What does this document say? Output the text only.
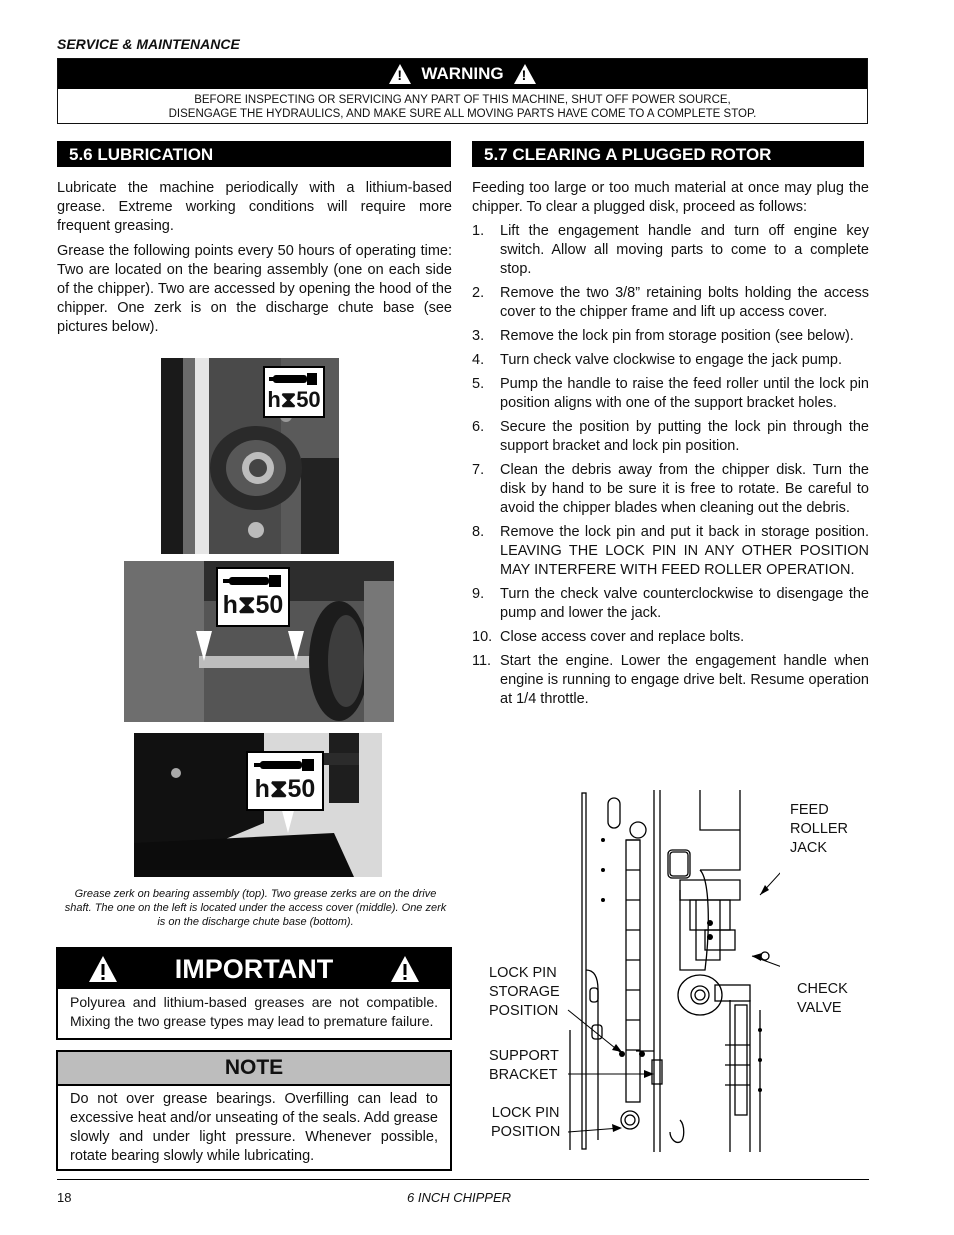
SERVICE & MAINTENANCE
!
WARNING
!
BEFORE INSPECTING OR SERVICING ANY PART OF THIS MACHINE, SHUT OFF POWER SOURCE,
DISENGAGE THE HYDRAULICS, AND MAKE SURE ALL MOVING PARTS HAVE COME TO A COMPLETE STOP.
5.6 LUBRICATION
Lubricate the machine periodically with a lithium-based grease. Extreme working conditions will require more frequent greasing.
Grease the following points every 50 hours of operating time: Two are located on the bearing assembly (one on each side of the chipper). Two are accessed by opening the hood of the chipper. One zerk is on the discharge chute base (see pictures below).
h⧗50
h⧗50
h⧗50
Grease zerk on bearing assembly (top). Two grease zerks are on the drive shaft. The one on the left is located under the access cover (middle). One zerk is on the discharge chute base (bottom).
IMPORTANT
Polyurea and lithium-based greases are not compatible. Mixing the two grease types may lead to premature failure.
NOTE
Do not over grease bearings. Overfilling can lead to excessive heat and/or unseating of the seals. Add grease slowly and under light pressure. Whenever possible, rotate bearing slowly while lubricating.
5.7 CLEARING A PLUGGED ROTOR
Feeding too large or too much material at once may plug the chipper. To clear a plugged disk, proceed as follows:
1.	Lift the engagement handle and turn off engine key switch. Allow all moving parts to come to a complete stop.
2.	Remove the two 3/8” retaining bolts holding the access cover to the chipper frame and lift up access cover.
3.	Remove the lock pin from storage position (see below).
4.	Turn check valve clockwise to engage the jack pump.
5.	Pump the handle to raise the feed roller until the lock pin position aligns with one of the support bracket holes.
6.	Secure the position by putting the lock pin through the support bracket and lock pin position.
7.	Clean the debris away from the chipper disk. Turn the disk by hand to be sure it is free to rotate. Be careful to avoid the chipper blades when cleaning out the debris.
8.	Remove the lock pin and put it back in storage position. LEAVING THE LOCK PIN IN ANY OTHER POSITION MAY INTERFERE WITH FEED ROLLER OPERATION.
9.	Turn the check valve counterclockwise to disengage the pump and lower the jack.
10. Close access cover and replace bolts.
11. Start the engine. Lower the engagement handle when engine is running to engage drive belt. Resume operation at 1/4 throttle.
FEED
ROLLER
JACK
CHECK
VALVE
LOCK PIN
STORAGE
POSITION
SUPPORT
BRACKET
LOCK PIN
POSITION
18	6 INCH CHIPPER
